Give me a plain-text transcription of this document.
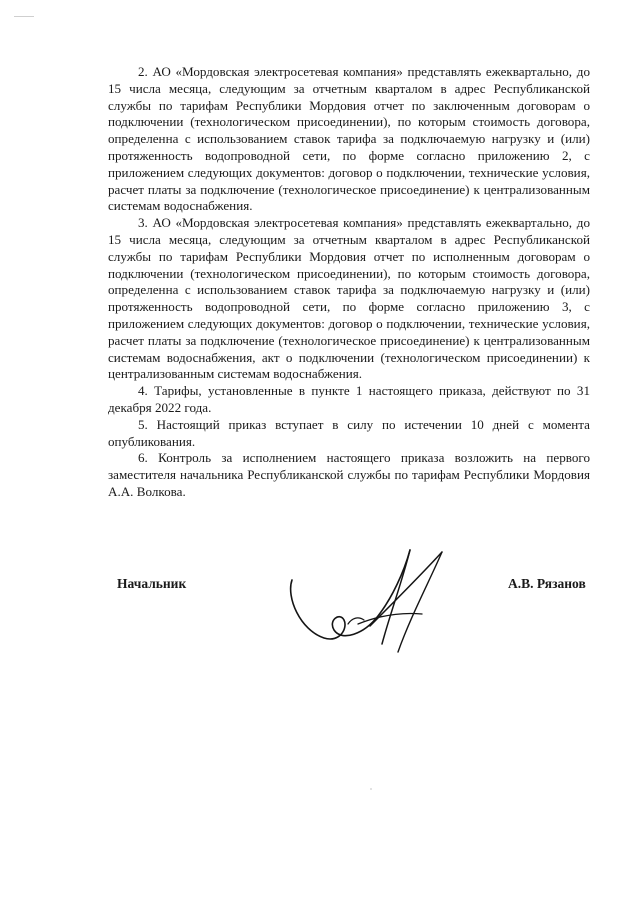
2. АО «Мордовская электросетевая компания» представлять ежеквартально, до 15 числа месяца, следующим за отчетным кварталом в адрес Республиканской службы по тарифам Республики Мордовия отчет по заключенным договорам о подключении (технологическом присоединении), по которым стоимость договора, определенна с использованием ставок тарифа за подключаемую нагрузку и (или) протяженность водопроводной сети, по форме согласно приложению 2, с приложением следующих документов: договор о подключении, технические условия, расчет платы за подключение (технологическое присоединение) к централизованным системам водоснабжения.

3. АО «Мордовская электросетевая компания» представлять ежеквартально, до 15 числа месяца, следующим за отчетным кварталом в адрес Республиканской службы по тарифам Республики Мордовия отчет по исполненным договорам о подключении (технологическом присоединении), по которым стоимость договора, определенна с использованием ставок тарифа за подключаемую нагрузку и (или) протяженность водопроводной сети, по форме согласно приложению 3, с приложением следующих документов: договор о подключении, технические условия, расчет платы за подключение (технологическое присоединение) к централизованным системам водоснабжения, акт о подключении (технологическом присоединении) к централизованным системам водоснабжения.

4. Тарифы, установленные в пункте 1 настоящего приказа, действуют по 31 декабря 2022 года.

5. Настоящий приказ вступает в силу по истечении 10 дней с момента опубликования.

6. Контроль за исполнением настоящего приказа возложить на первого заместителя начальника Республиканской службы по тарифам Республики Мордовия А.А. Волкова.

Начальник	А.В. Рязанов
